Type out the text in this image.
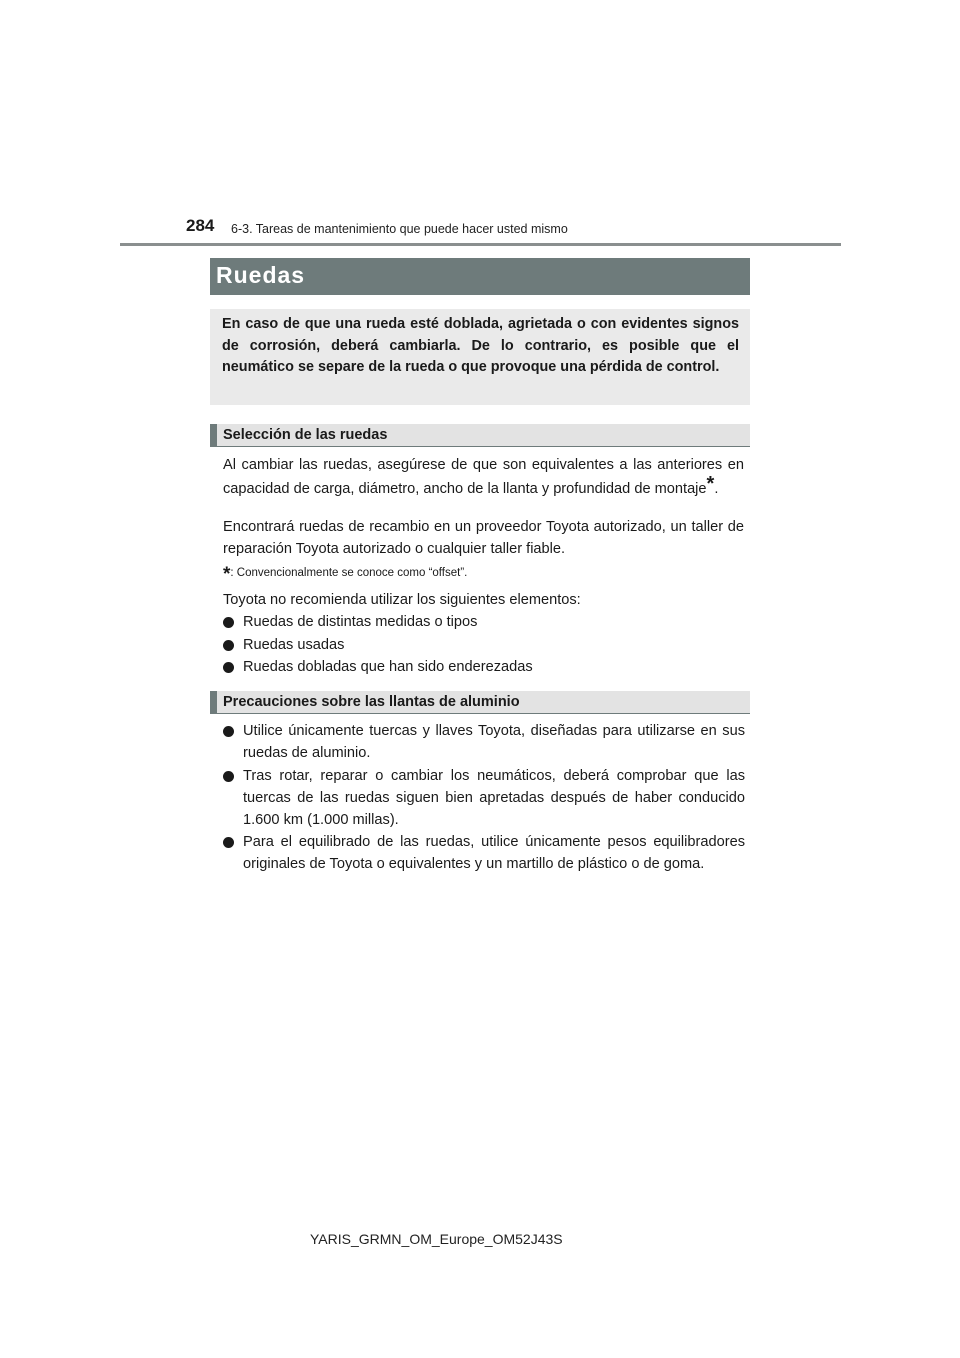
284 6-3. Tareas de mantenimiento que puede hacer usted mismo
Ruedas
En caso de que una rueda esté doblada, agrietada o con evidentes signos de corrosión, deberá cambiarla. De lo contrario, es posible que el neumático se separe de la rueda o que provoque una pérdida de control.
Selección de las ruedas

Al cambiar las ruedas, asegúrese de que son equivalentes a las anteriores en capacidad de carga, diámetro, ancho de la llanta y profundidad de montaje*.

Encontrará ruedas de recambio en un proveedor Toyota autorizado, un taller de reparación Toyota autorizado o cualquier taller fiable.

*: Convencionalmente se conoce como “offset”.

Toyota no recomienda utilizar los siguientes elementos:

Ruedas de distintas medidas o tipos
Ruedas usadas
Ruedas dobladas que han sido enderezadas
Precauciones sobre las llantas de aluminio
Utilice únicamente tuercas y llaves Toyota, diseñadas para utilizarse en sus ruedas de aluminio.
Tras rotar, reparar o cambiar los neumáticos, deberá comprobar que las tuercas de las ruedas siguen bien apretadas después de haber conducido 1.600 km (1.000 millas).
Para el equilibrado de las ruedas, utilice únicamente pesos equilibradores originales de Toyota o equivalentes y un martillo de plástico o de goma.
YARIS_GRMN_OM_Europe_OM52J43S
